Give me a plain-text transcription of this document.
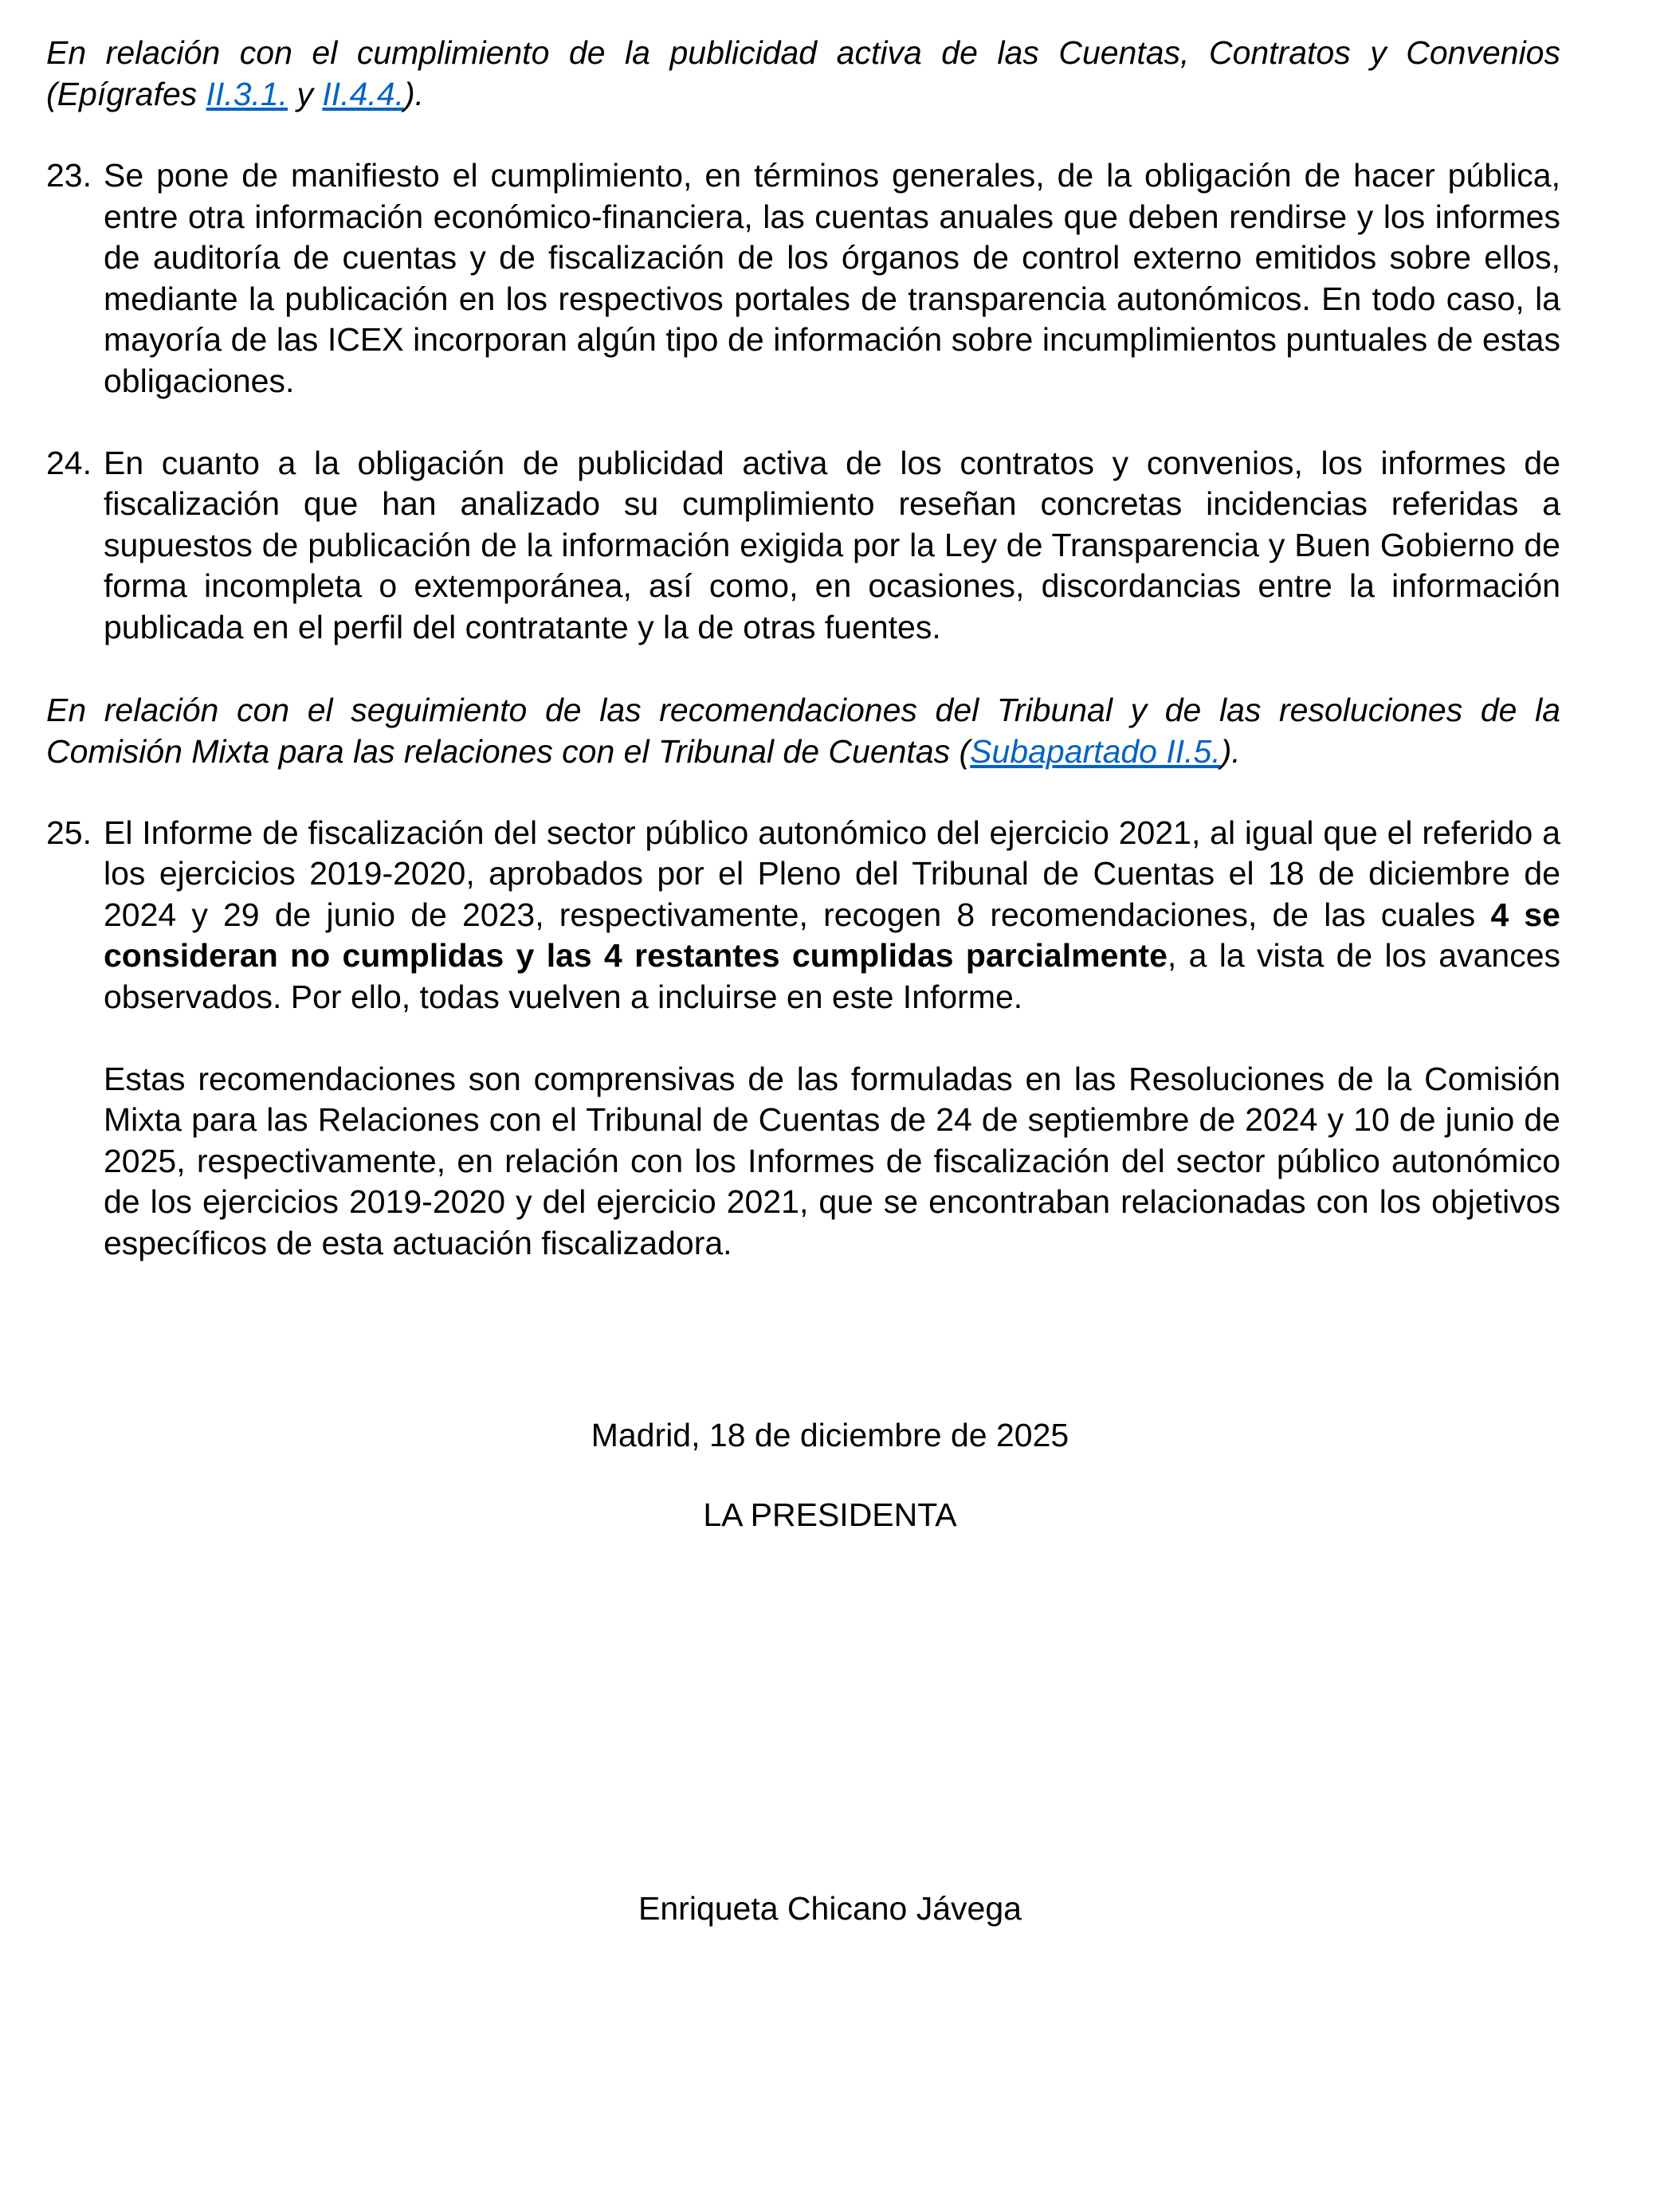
En relación con el cumplimiento de la publicidad activa de las Cuentas, Contratos y Convenios (Epígrafes II.3.1. y II.4.4.).

23. Se pone de manifiesto el cumplimiento, en términos generales, de la obligación de hacer pública, entre otra información económico-financiera, las cuentas anuales que deben rendirse y los informes de auditoría de cuentas y de fiscalización de los órganos de control externo emitidos sobre ellos, mediante la publicación en los respectivos portales de transparencia autonómicos. En todo caso, la mayoría de las ICEX incorporan algún tipo de información sobre incumplimientos puntuales de estas obligaciones.

24. En cuanto a la obligación de publicidad activa de los contratos y convenios, los informes de fiscalización que han analizado su cumplimiento reseñan concretas incidencias referidas a supuestos de publicación de la información exigida por la Ley de Transparencia y Buen Gobierno de forma incompleta o extemporánea, así como, en ocasiones, discordancias entre la información publicada en el perfil del contratante y la de otras fuentes.

En relación con el seguimiento de las recomendaciones del Tribunal y de las resoluciones de la Comisión Mixta para las relaciones con el Tribunal de Cuentas (Subapartado II.5.).

25. El Informe de fiscalización del sector público autonómico del ejercicio 2021, al igual que el referido a los ejercicios 2019-2020, aprobados por el Pleno del Tribunal de Cuentas el 18 de diciembre de 2024 y 29 de junio de 2023, respectivamente, recogen 8 recomendaciones, de las cuales 4 se consideran no cumplidas y las 4 restantes cumplidas parcialmente, a la vista de los avances observados. Por ello, todas vuelven a incluirse en este Informe.

Estas recomendaciones son comprensivas de las formuladas en las Resoluciones de la Comisión Mixta para las Relaciones con el Tribunal de Cuentas de 24 de septiembre de 2024 y 10 de junio de 2025, respectivamente, en relación con los Informes de fiscalización del sector público autonómico de los ejercicios 2019-2020 y del ejercicio 2021, que se encontraban relacionadas con los objetivos específicos de esta actuación fiscalizadora.

Madrid, 18 de diciembre de 2025

LA PRESIDENTA

Enriqueta Chicano Jávega
